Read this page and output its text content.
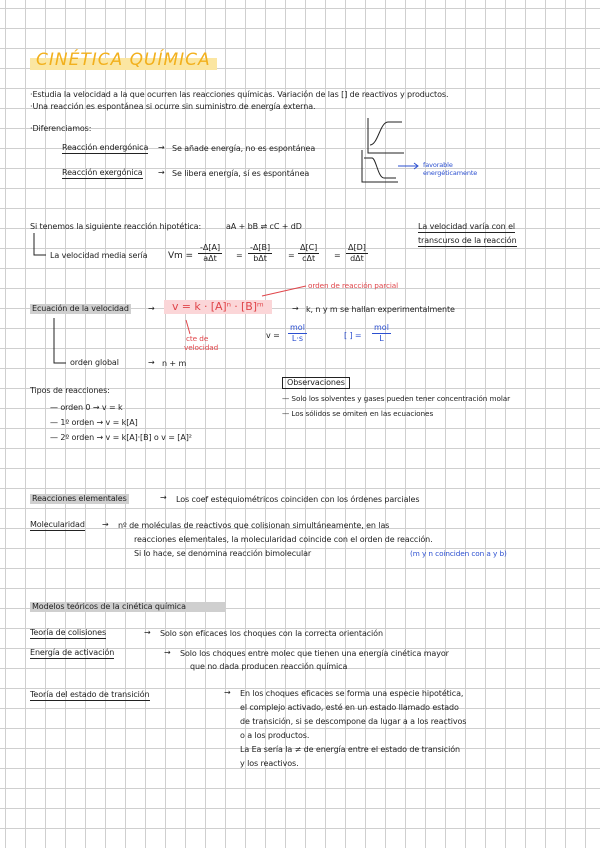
CINÉTICA QUÍMICA
·Estudia la velocidad a la que ocurren las reacciones químicas. Variación de las [] de reactivos y productos.
·Una reacción es espontánea si ocurre sin suministro de energía externa.
·Diferenciamos:
Reacción endergónica → Se añade energía, no es espontánea
Reacción exergónica → Se libera energía, sí es espontánea
favorable
energéticamente
Si tenemos la siguiente reacción hipotética:	aA + bB ⇌ cC + dD	La velocidad varía con el
transcurso de la reacción
La velocidad media sería Vm =
-Δ[A]
aΔt =
-Δ[B]
bΔt	=
Δ[C]
cΔt =
Δ[D]
dΔt
orden de reacción parcial
Ecuación de la velocidad →	v = k · [A]ⁿ · [B]ᵐ	→ k, n y m se hallan experimentalmente
cte de
velocidad
v =
mol
L·s	[ ] =
mol
L
orden global	→ n + m
Tipos de reacciones:
— orden 0 → v = k
— 1º orden → v = k[A]
— 2º orden → v = k[A]·[B] o v = [A]²
Observaciones
— Solo los solventes y gases pueden tener concentración molar
— Los sólidos se omiten en las ecuaciones
Reacciones elementales	→ Los coef estequiométricos coinciden con los órdenes parciales
Molecularidad → nº de moléculas de reactivos que colisionan simultáneamente, en las
reacciones elementales, la molecularidad coincide con el orden de reacción.
Si lo hace, se denomina reacción bimolecular	(m y n coinciden con a y b)
Modelos teóricos de la cinética química
Teoría de colisiones	→ Solo son eficaces los choques con la correcta orientación
Energía de activación	→ Solo los choques entre molec que tienen una energía cinética mayor
que no dada producen reacción química
Teoría del estado de transición	→ En los choques eficaces se forma una especie hipotética,
el complejo activado, esté en un estado llamado estado
de transición, si se descompone da lugar a a los reactivos
o a los productos.
La Ea sería la ≠ de energía entre el estado de transición
y los reactivos.
